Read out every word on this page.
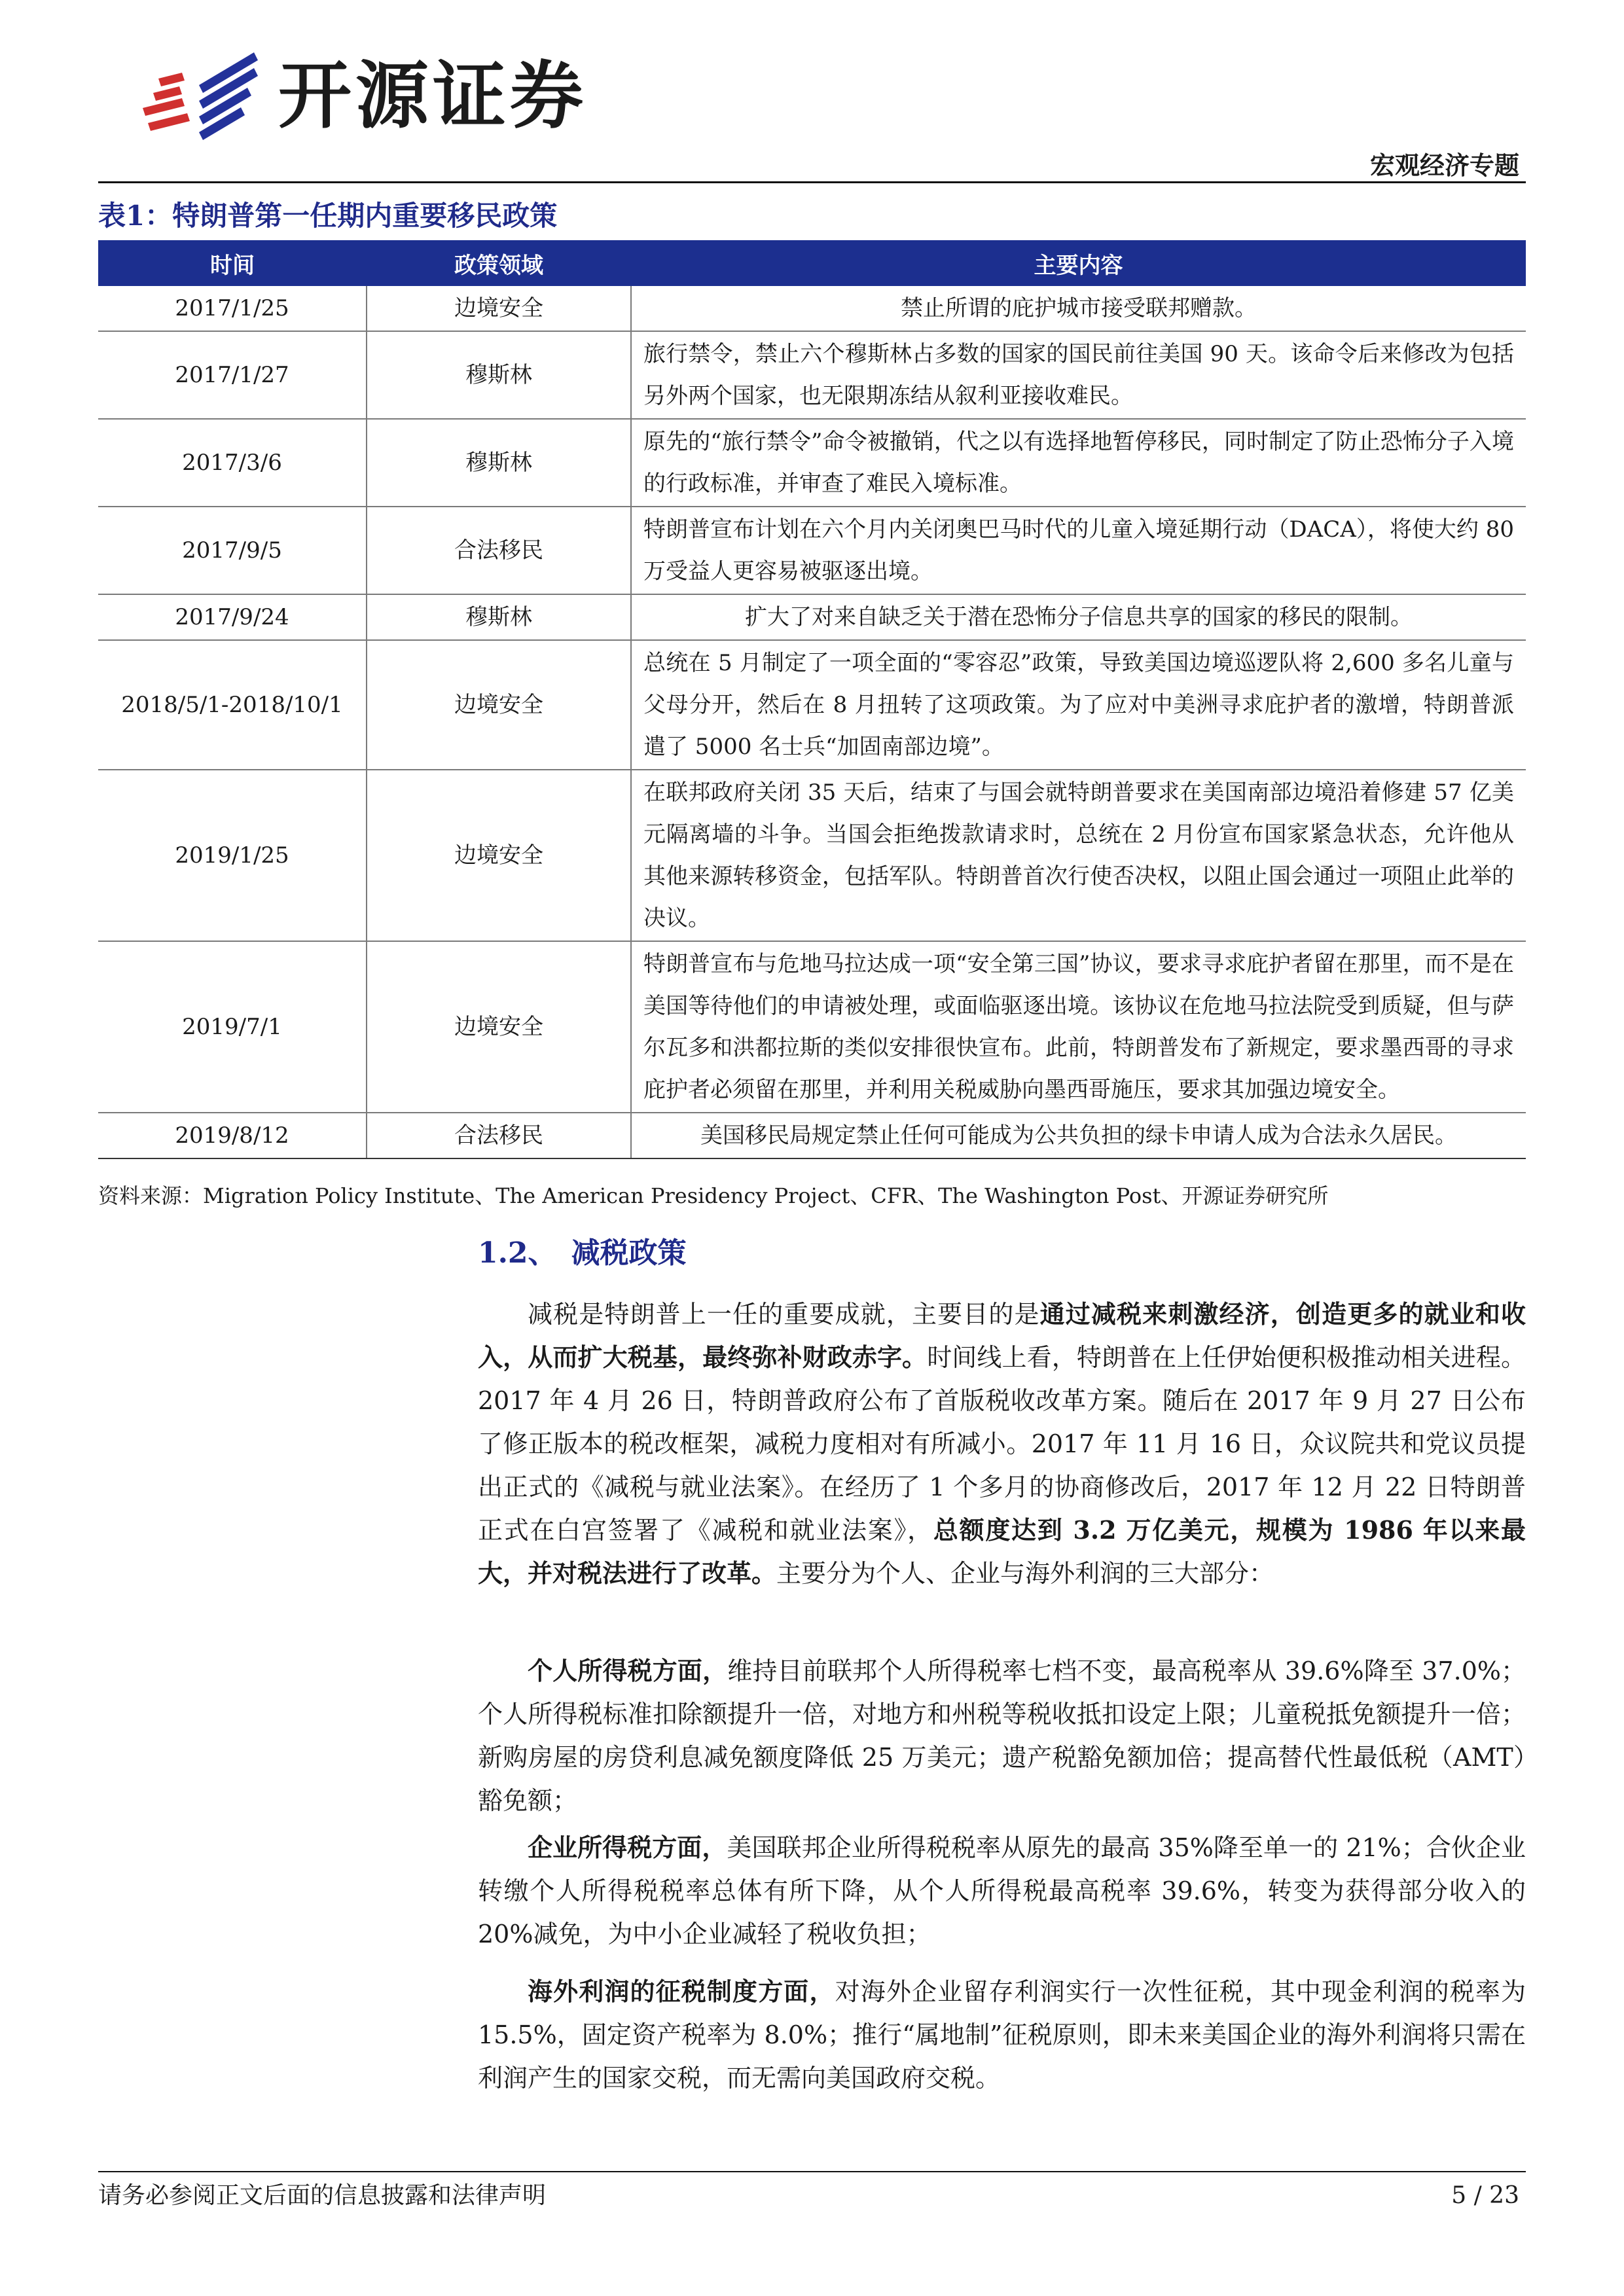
开源证券
宏观经济专题
表1：特朗普第一任期内重要移民政策
时间	政策领域	主要内容
2017/1/25	边境安全	禁止所谓的庇护城市接受联邦赠款。
2017/1/27	穆斯林	旅行禁令，禁止六个穆斯林占多数的国家的国民前往美国 90 天。该命令后来修改为包括另外两个国家，也无限期冻结从叙利亚接收难民。
2017/3/6	穆斯林	原先的“旅行禁令”命令被撤销，代之以有选择地暂停移民，同时制定了防止恐怖分子入境的行政标准，并审查了难民入境标准。
2017/9/5	合法移民	特朗普宣布计划在六个月内关闭奥巴马时代的儿童入境延期行动（DACA），将使大约 80 万受益人更容易被驱逐出境。
2017/9/24	穆斯林	扩大了对来自缺乏关于潜在恐怖分子信息共享的国家的移民的限制。
2018/5/1-2018/10/1	边境安全	总统在 5 月制定了一项全面的“零容忍”政策，导致美国边境巡逻队将 2,600 多名儿童与父母分开，然后在 8 月扭转了这项政策。为了应对中美洲寻求庇护者的激增，特朗普派遣了 5000 名士兵“加固南部边境”。
2019/1/25	边境安全	在联邦政府关闭 35 天后，结束了与国会就特朗普要求在美国南部边境沿着修建 57 亿美元隔离墙的斗争。当国会拒绝拨款请求时，总统在 2 月份宣布国家紧急状态，允许他从其他来源转移资金，包括军队。特朗普首次行使否决权，以阻止国会通过一项阻止此举的决议。
2019/7/1	边境安全	特朗普宣布与危地马拉达成一项“安全第三国”协议，要求寻求庇护者留在那里，而不是在美国等待他们的申请被处理，或面临驱逐出境。该协议在危地马拉法院受到质疑，但与萨尔瓦多和洪都拉斯的类似安排很快宣布。此前，特朗普发布了新规定，要求墨西哥的寻求庇护者必须留在那里，并利用关税威胁向墨西哥施压，要求其加强边境安全。
2019/8/12	合法移民	美国移民局规定禁止任何可能成为公共负担的绿卡申请人成为合法永久居民。
资料来源：Migration Policy Institute、The American Presidency Project、CFR、The Washington Post、开源证券研究所
1.2、 减税政策

减税是特朗普上一任的重要成就，主要目的是通过减税来刺激经济，创造更多的就业和收入，从而扩大税基，最终弥补财政赤字。时间线上看，特朗普在上任伊始便积极推动相关进程。2017 年 4 月 26 日，特朗普政府公布了首版税收改革方案。随后在 2017 年 9 月 27 日公布了修正版本的税改框架，减税力度相对有所减小。2017 年 11 月 16 日，众议院共和党议员提出正式的《减税与就业法案》。在经历了 1 个多月的协商修改后，2017 年 12 月 22 日特朗普正式在白宫签署了《减税和就业法案》，总额度达到 3.2 万亿美元，规模为 1986 年以来最大，并对税法进行了改革。主要分为个人、企业与海外利润的三大部分：

个人所得税方面，维持目前联邦个人所得税率七档不变，最高税率从 39.6%降至 37.0%；个人所得税标准扣除额提升一倍，对地方和州税等税收抵扣设定上限；儿童税抵免额提升一倍；新购房屋的房贷利息减免额度降低 25 万美元；遗产税豁免额加倍；提高替代性最低税（AMT）豁免额；

企业所得税方面，美国联邦企业所得税税率从原先的最高 35%降至单一的 21%；合伙企业转缴个人所得税税率总体有所下降，从个人所得税最高税率 39.6%，转变为获得部分收入的 20%减免，为中小企业减轻了税收负担；

海外利润的征税制度方面，对海外企业留存利润实行一次性征税，其中现金利润的税率为 15.5%，固定资产税率为 8.0%；推行“属地制”征税原则，即未来美国企业的海外利润将只需在利润产生的国家交税，而无需向美国政府交税。

请务必参阅正文后面的信息披露和法律声明	5 / 23
